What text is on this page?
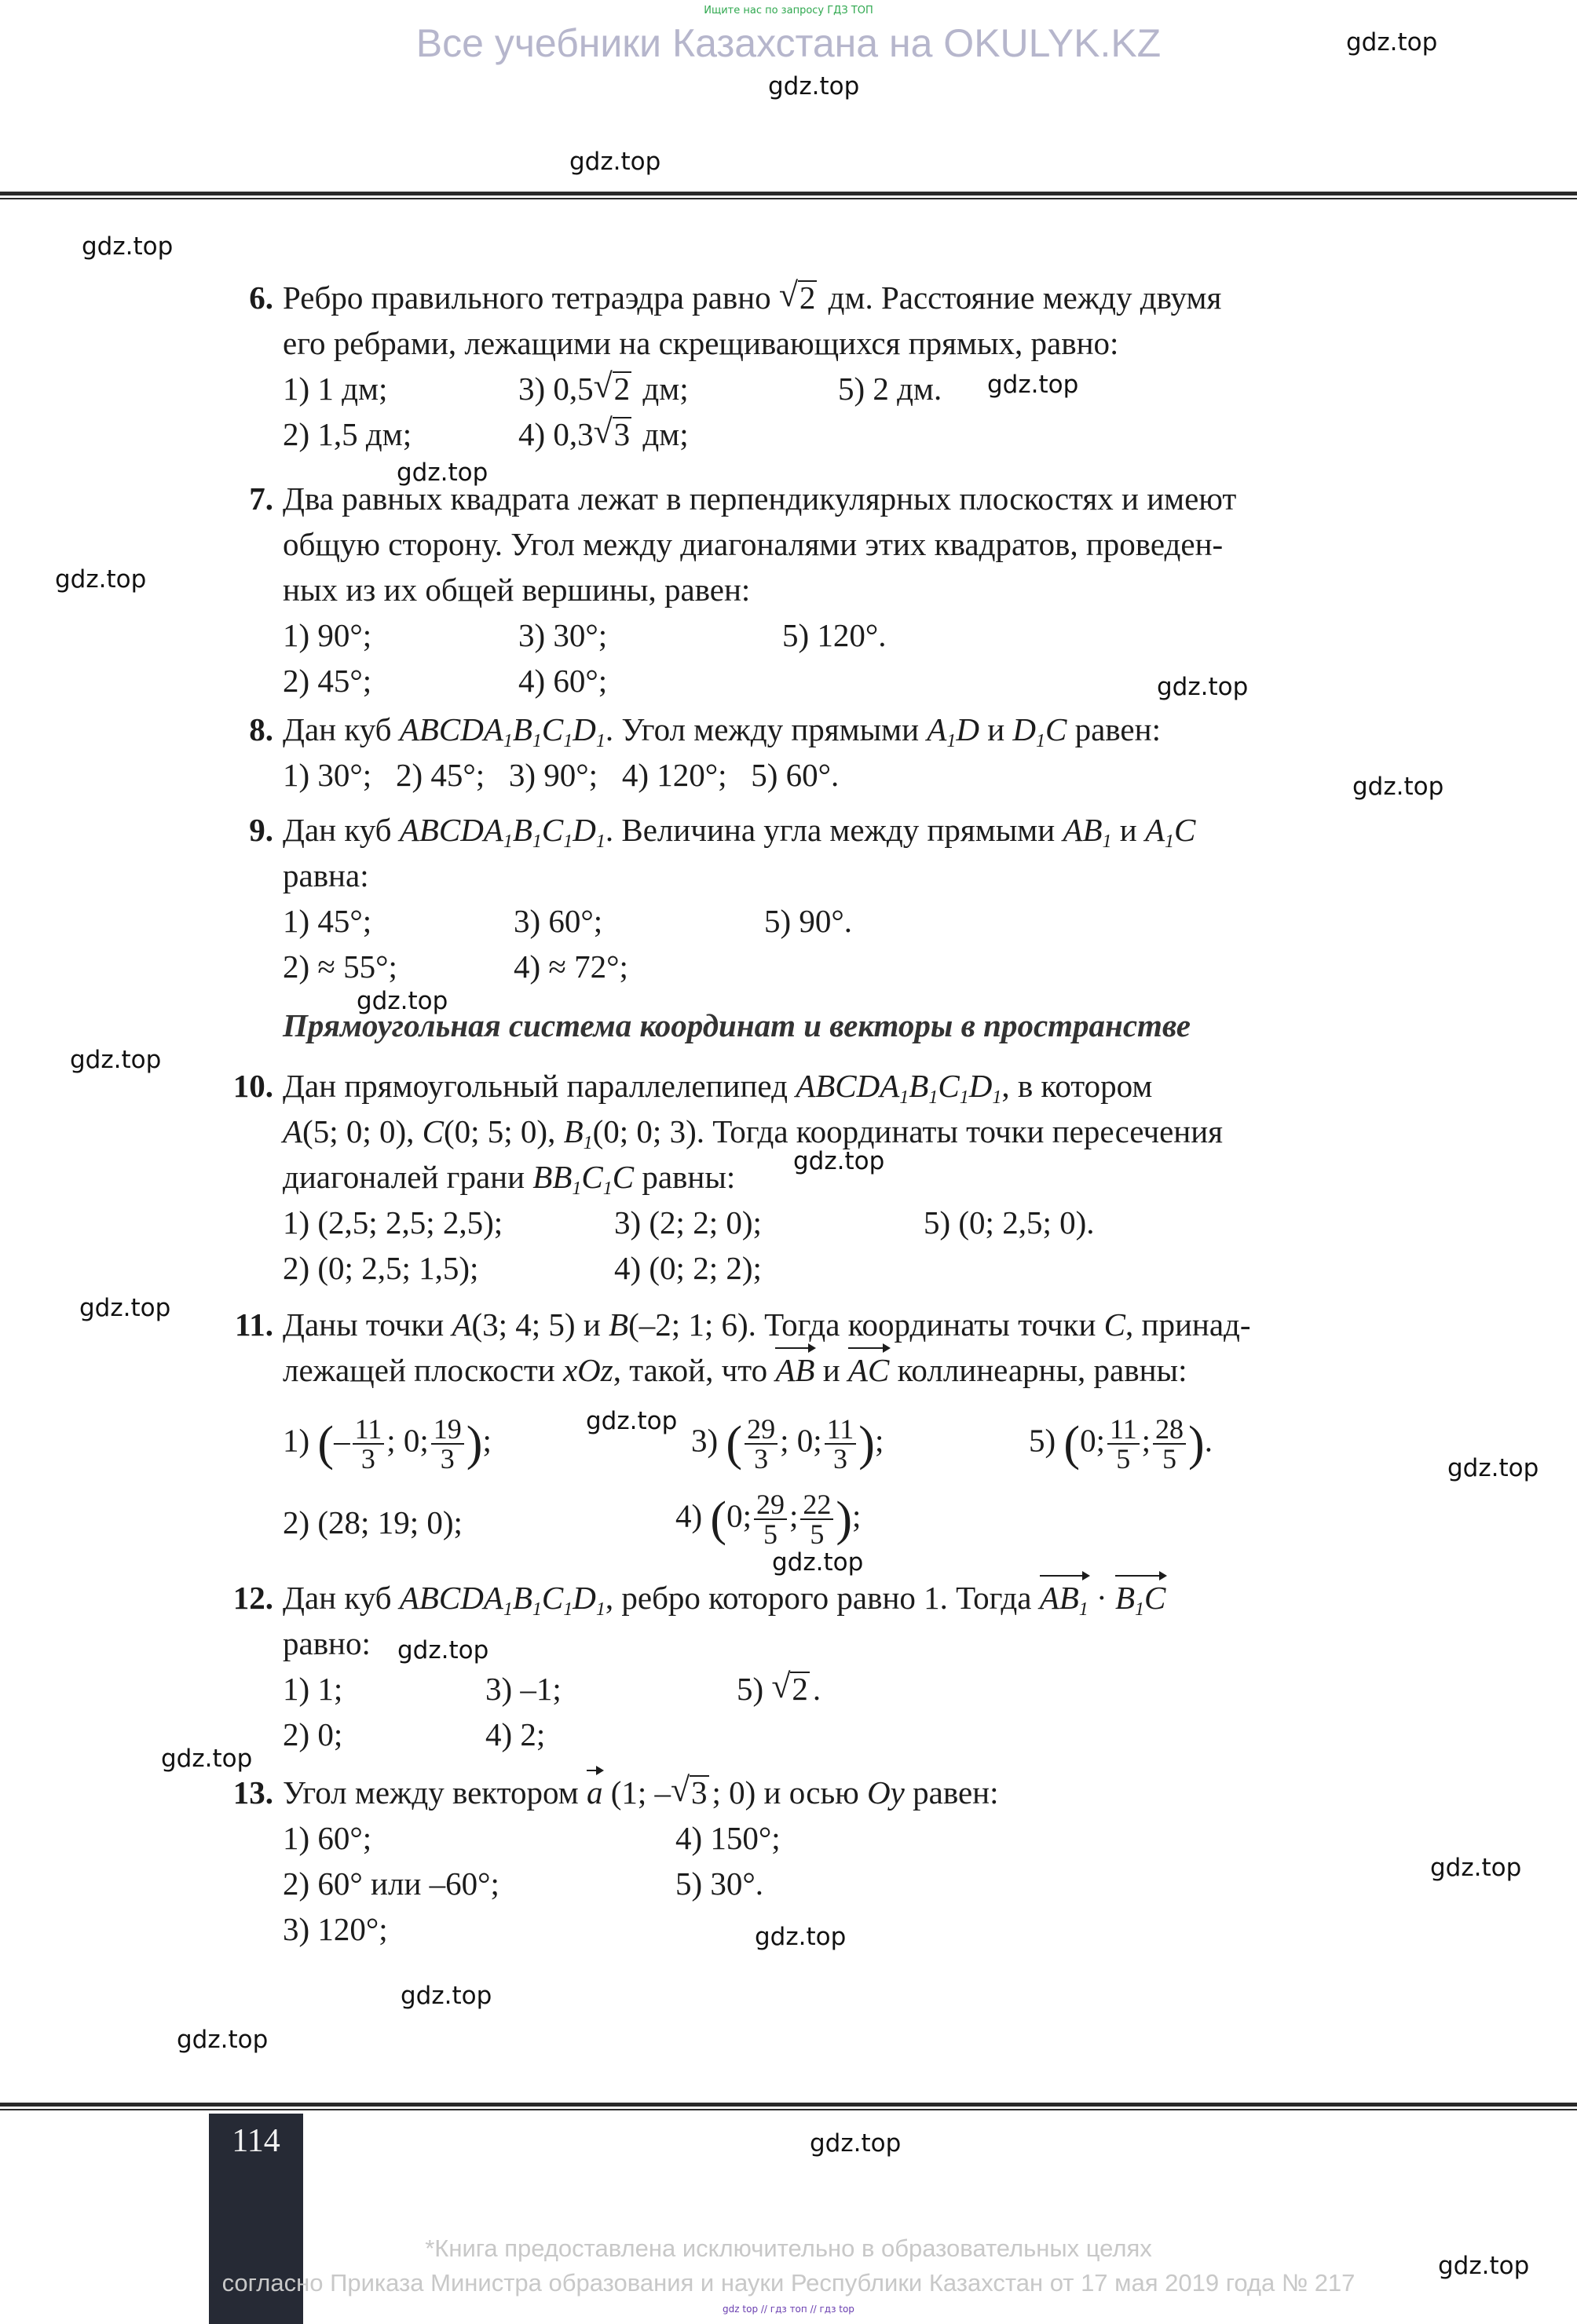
Ищите нас по запросу ГДЗ ТОП
Все учебники Казахстана на OKULYK.KZ	gdz.top
gdz.top
gdz.top
gdz.top
gdz.top
gdz.top
gdz.top
gdz.top
gdz.top
gdz.top
gdz.top
gdz.top
gdz.top
gdz.top
gdz.top
gdz.top
gdz.top
gdz.top
gdz.top
gdz.top
gdz.top
gdz.top
gdz.top
gdz.top
6. Ребро правильного тетраэдра равно √ 2 дм. Расстояние между двумя
его ребрами, лежащими на скрещивающихся прямых, равно:
1) 1 дм;	3) 0,5 √ 2 дм;	5) 2 дм.
2) 1,5 дм;	4) 0,3 √ 3 дм;
7. Два равных квадрата лежат в перпендикулярных плоскостях и имеют
общую сторону. Угол между диагоналями этих квадратов, проведен-
ных из их общей вершины, равен:
1) 90°;	3) 30°;	5) 120°.
2) 45°;	4) 60°;
8. Дан куб $ABCDA_1B_1C_1D_1$. Угол между прямыми $A_1D$ и $D_1C$ равен:
1) 30°;   2) 45°;   3) 90°;   4) 120°;   5) 60°.
9. Дан куб $ABCDA_1B_1C_1D_1$. Величина угла между прямыми $AB_1$ и $A_1C$
равна:
1) 45°;	3) 60°;	5) 90°.
2) ≈ 55°;	4) ≈ 72°;
Прямоугольная система координат и векторы в пространстве
10. Дан прямоугольный параллелепипед $ABCDA_1B_1C_1D_1$, в котором
A(5; 0; 0), C(0; 5; 0), $B_1(0$; 0; 3). Тогда координаты точки пересечения
диагоналей грани $BB_1C_1C$ равны:
1) (2,5; 2,5; 2,5);	3) (2; 2; 0);	5) (0; 2,5; 0).
2) (0; 2,5; 1,5);	4) (0; 2; 2);
11. Даны точки A(3; 4; 5) и B(–2; 1; 6). Тогда координаты точки C, принад-
лежащей плоскости xOz, такой, что AB и AC коллинеарны, равны:
1) (– $\frac{11}{3}$ ; 0; $\frac{19}{3}$ );	3) ( $\frac{29}{3}$ ; 0; $\frac{11}{3}$ );	5) (0; $\frac{11}{5}$ ; $\frac{28}{5}$ ).
2) (28; 19; 0);	4) (0; $\frac{29}{5}$ ; $\frac{22}{5}$ );
12. Дан куб $ABCDA_1B_1C_1D_1$, ребро которого равно 1. Тогда $AB_1 \cdot B_1C$
равно:
1) 1;	3) –1;	5) √ 2 .
2) 0;	4) 2;
13. Угол между вектором a (1; – √ 3 ; 0) и осью Oy равен:
1) 60°;	4) 150°;
2) 60° или –60°;	5) 30°.
3) 120°;
114
*Книга предоставлена исключительно в образовательных целях
согласно Приказа Министра образования и науки Республики Казахстан от 17 мая 2019 года № 217
gdz top // гдз топ // гдз top
